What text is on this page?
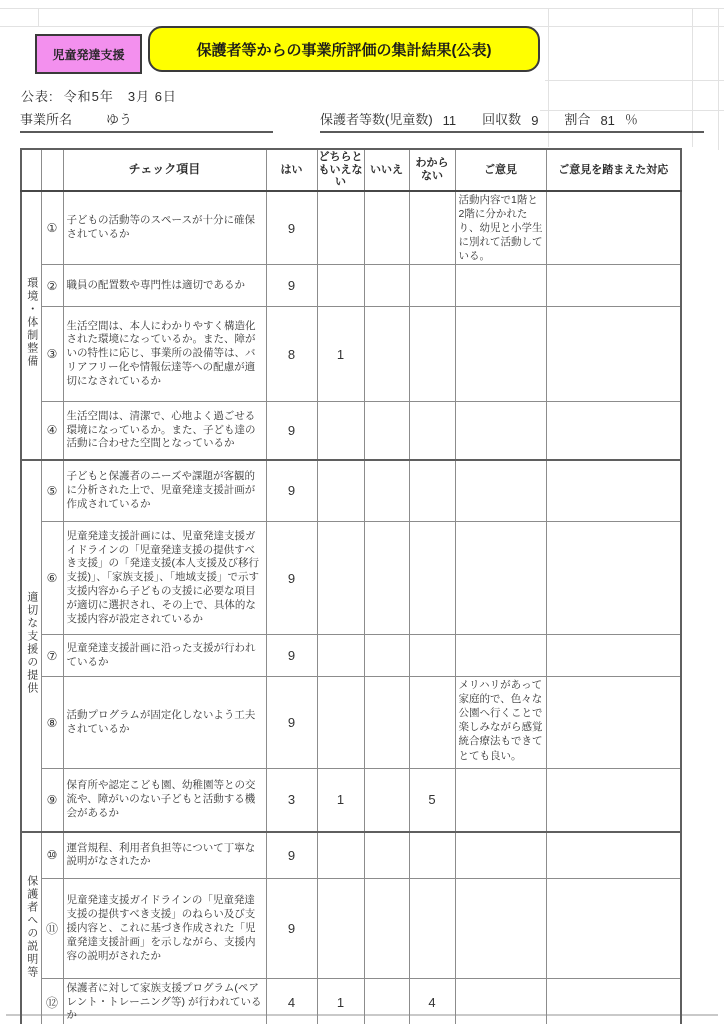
児童発達支援	保護者等からの事業所評価の集計結果(公表)
公表: 令和5年　3月 6日
事業所名	ゆう	保護者等数(児童数) 11 回収数 9 割合 81 ％
		チェック項目	はい	どちらともいえない	いいえ	わからない	ご意見	ご意見を踏まえた対応
環境・体制整備	①	子どもの活動等のスペースが十分に確保されているか	9				活動内容で1階と2階に分かれたり、幼児と小学生に別れて活動している。	
	②	職員の配置数や専門性は適切であるか	9					
	③	生活空間は、本人にわかりやすく構造化された環境になっているか。また、障がいの特性に応じ、事業所の設備等は、バリアフリー化や情報伝達等への配慮が適切になされているか	8	1				
	④	生活空間は、清潔で、心地よく過ごせる環境になっているか。また、子ども達の活動に合わせた空間となっているか	9					
適切な支援の提供	⑤	子どもと保護者のニーズや課題が客観的に分析された上で、児童発達支援計画が作成されているか	9					
	⑥	児童発達支援計画には、児童発達支援ガイドラインの「児童発達支援の提供すべき支援」の「発達支援(本人支援及び移行支援)」、「家族支援」、「地域支援」で示す支援内容から子どもの支援に必要な項目が適切に選択され、その上で、具体的な支援内容が設定されているか	9					
	⑦	児童発達支援計画に沿った支援が行われているか	9					
	⑧	活動プログラムが固定化しないよう工夫されているか	9				メリハリがあって家庭的で、色々な公園へ行くことで楽しみながら感覚統合療法もできてとても良い。	
	⑨	保育所や認定こども園、幼稚園等との交流や、障がいのない子どもと活動する機会があるか	3	1		5		
保護者への説明等	⑩	運営規程、利用者負担等について丁寧な説明がなされたか	9					
	⑪	児童発達支援ガイドラインの「児童発達支援の提供すべき支援」のねらい及び支援内容と、これに基づき作成された「児童発達支援計画」を示しながら、支援内容の説明がされたか	9					
	⑫	保護者に対して家族支援プログラム(ペアレント・トレーニング等) が行われているか	4	1		4		
